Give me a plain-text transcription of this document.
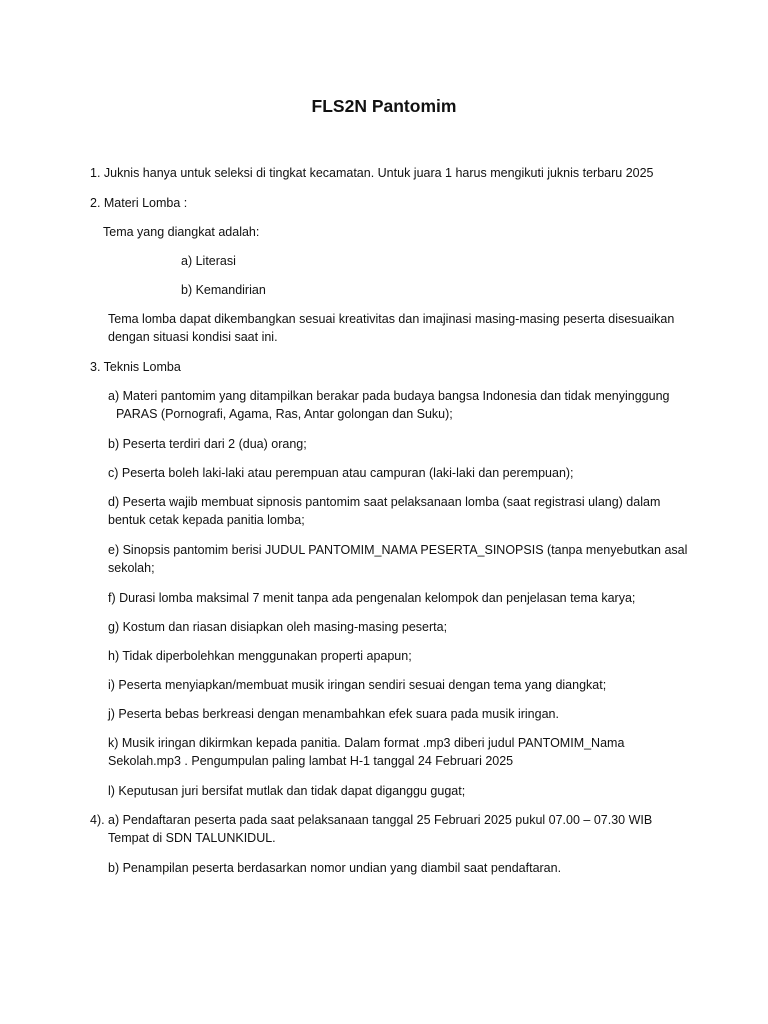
FLS2N Pantomim
1. Juknis hanya untuk seleksi di tingkat kecamatan. Untuk juara 1 harus mengikuti juknis terbaru 2025
2. Materi Lomba :
Tema yang diangkat adalah:
a) Literasi
b) Kemandirian
Tema lomba dapat dikembangkan sesuai kreativitas dan imajinasi masing-masing peserta disesuaikan
dengan situasi kondisi saat ini.
3. Teknis Lomba
a) Materi pantomim yang ditampilkan berakar pada budaya bangsa Indonesia dan tidak menyinggung
PARAS (Pornografi, Agama, Ras, Antar golongan dan Suku);
b) Peserta terdiri dari 2 (dua) orang;
c) Peserta boleh laki-laki atau perempuan atau campuran (laki-laki dan perempuan);
d) Peserta wajib membuat sipnosis pantomim saat pelaksanaan lomba (saat registrasi ulang) dalam
bentuk cetak kepada panitia lomba;
e) Sinopsis pantomim berisi JUDUL PANTOMIM_NAMA PESERTA_SINOPSIS (tanpa menyebutkan asal
sekolah;
f) Durasi lomba maksimal 7 menit tanpa ada pengenalan kelompok dan penjelasan tema karya;
g) Kostum dan riasan disiapkan oleh masing-masing peserta;
h) Tidak diperbolehkan menggunakan properti apapun;
i) Peserta menyiapkan/membuat musik iringan sendiri sesuai dengan tema yang diangkat;
j) Peserta bebas berkreasi dengan menambahkan efek suara pada musik iringan.
k) Musik iringan dikirmkan kepada panitia. Dalam format .mp3 diberi judul PANTOMIM_Nama
Sekolah.mp3 . Pengumpulan paling lambat H-1 tanggal 24 Februari 2025
l) Keputusan juri bersifat mutlak dan tidak dapat diganggu gugat;
4). a) Pendaftaran peserta pada saat pelaksanaan tanggal 25 Februari 2025 pukul 07.00 – 07.30 WIB
Tempat di SDN TALUNKIDUL.
b) Penampilan peserta berdasarkan nomor undian yang diambil saat pendaftaran.
